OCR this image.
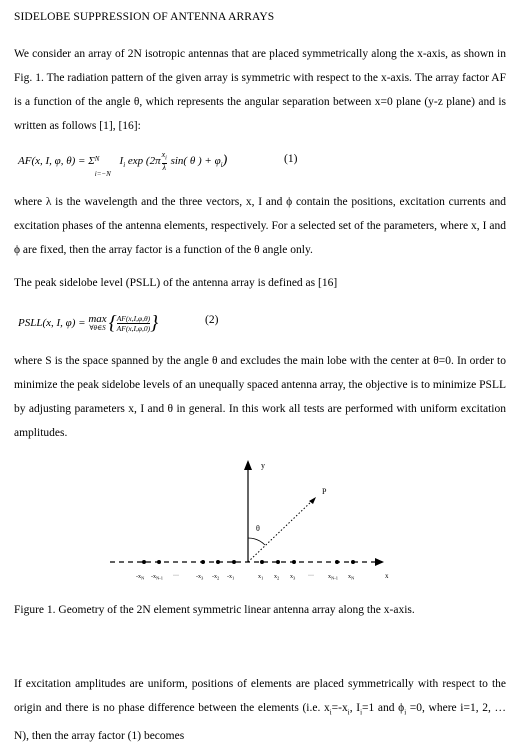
SIDELOBE SUPPRESSION OF ANTENNA ARRAYS
We consider an array of 2N isotropic antennas that are placed symmetrically along the x-axis, as shown in Fig. 1. The radiation pattern of the given array is symmetric with respect to the x-axis. The array factor AF is a function of the angle θ, which represents the angular separation between x=0 plane (y-z plane) and is written as follows [1], [16]:
AF(x, I, φ, θ) = Σ N
i=−N
$I_i$ $\exp (2\pi \frac{x_i}{\lambda} \sin$( θ ) + $\varphi_i$)	(1)
where λ is the wavelength and the three vectors, x, I and ϕ contain the positions, excitation currents and excitation phases of the antenna elements, respectively. For a selected set of the parameters, where x, I and ϕ are fixed, then the array factor is a function of the θ angle only.
The peak sidelobe level (PSLL) of the antenna array is defined as [16]
PSLL(x, I, φ) = max
∀θ∈S { $\frac{AF(x,I,\varphi,\theta)}{AF(x,I,\varphi,0)}$ }	(2)
where S is the space spanned by the angle θ and excludes the main lobe with the center at θ=0. In order to minimize the peak sidelobe levels of an unequally spaced antenna array, the objective is to minimize PSLL by adjusting parameters x, I and θ in general. In this work all tests are performed with uniform excitation amplitudes.
y
P
θ
x
$-x_N$ $-x_{N-1}$ ···	$-x_3$ $-x_2$ $-x_1$	$x_1$ $x_2$ $x_3$ ··· $x_{N-1}$ $x_N$
Figure 1. Geometry of the 2N element symmetric linear antenna array along the x-axis.
If excitation amplitudes are uniform, positions of elements are placed symmetrically with respect to the origin and there is no phase difference between the elements (i.e. $x_i=-x_i$, $I_i=1$ and $\phi_i =0$, where i=1, 2, … N), then the array factor (1) becomes
